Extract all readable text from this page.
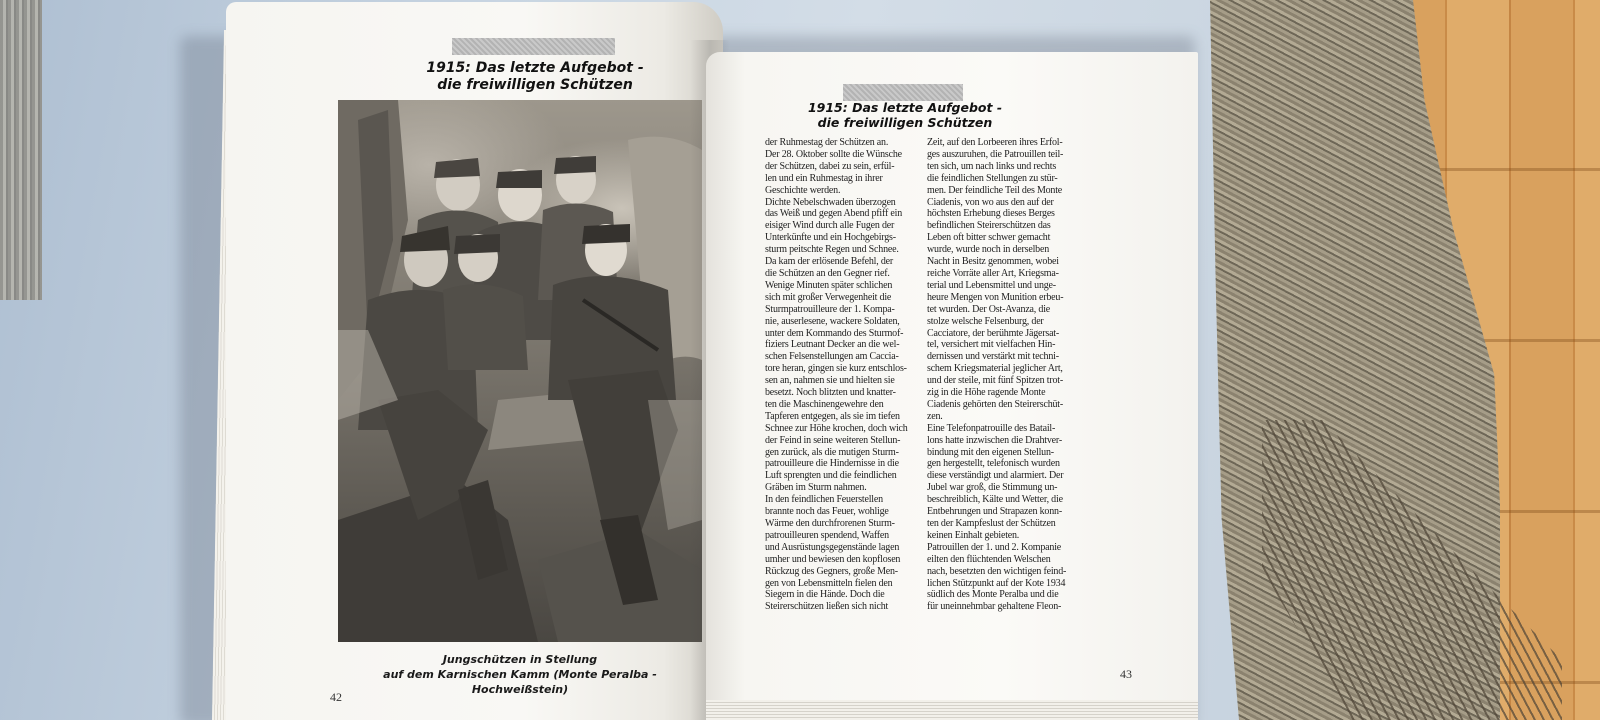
1915: Das letzte Aufgebot -
die freiwilligen Schützen
Jungschützen in Stellung
auf dem Karnischen Kamm (Monte Peralba - Hochweißstein)
42
1915: Das letzte Aufgebot -
die freiwilligen Schützen

der Ruhmestag der Schützen an.

Der 28. Oktober sollte die Wünsche

der Schützen, dabei zu sein, erfül-

len und ein Ruhmestag in ihrer

Geschichte werden.

Dichte Nebelschwaden überzogen

das Weiß und gegen Abend pfiff ein

eisiger Wind durch alle Fugen der

Unterkünfte und ein Hochgebirgs-

sturm peitschte Regen und Schnee.

Da kam der erlösende Befehl, der

die Schützen an den Gegner rief.

Wenige Minuten später schlichen

sich mit großer Verwegenheit die

Sturmpatrouilleure der 1. Kompa-

nie, auserlesene, wackere Soldaten,

unter dem Kommando des Sturmof-

fiziers Leutnant Decker an die wel-

schen Felsenstellungen am Caccia-

tore heran, gingen sie kurz entschlos-

sen an, nahmen sie und hielten sie

besetzt. Noch blitzten und knatter-

ten die Maschinengewehre den

Tapferen entgegen, als sie im tiefen

Schnee zur Höhe krochen, doch wich

der Feind in seine weiteren Stellun-

gen zurück, als die mutigen Sturm-

patrouilleure die Hindernisse in die

Luft sprengten und die feindlichen

Gräben im Sturm nahmen.

In den feindlichen Feuerstellen

brannte noch das Feuer, wohlige

Wärme den durchfrorenen Sturm-

patrouilleuren spendend, Waffen

und Ausrüstungsgegenstände lagen

umher und bewiesen den kopflosen

Rückzug des Gegners, große Men-

gen von Lebensmitteln fielen den

Siegern in die Hände. Doch die

Steirerschützen ließen sich nicht

Zeit, auf den Lorbeeren ihres Erfol-

ges auszuruhen, die Patrouillen teil-

ten sich, um nach links und rechts

die feindlichen Stellungen zu stür-

men. Der feindliche Teil des Monte

Ciadenis, von wo aus den auf der

höchsten Erhebung dieses Berges

befindlichen Steirerschützen das

Leben oft bitter schwer gemacht

wurde, wurde noch in derselben

Nacht in Besitz genommen, wobei

reiche Vorräte aller Art, Kriegsma-

terial und Lebensmittel und unge-

heure Mengen von Munition erbeu-

tet wurden. Der Ost-Avanza, die

stolze welsche Felsenburg, der

Cacciatore, der berühmte Jägersat-

tel, versichert mit vielfachen Hin-

dernissen und verstärkt mit techni-

schem Kriegsmaterial jeglicher Art,

und der steile, mit fünf Spitzen trot-

zig in die Höhe ragende Monte

Ciadenis gehörten den Steirerschüt-

zen.

Eine Telefonpatrouille des Batail-

lons hatte inzwischen die Drahtver-

bindung mit den eigenen Stellun-

gen hergestellt, telefonisch wurden

diese verständigt und alarmiert. Der

Jubel war groß, die Stimmung un-

beschreiblich, Kälte und Wetter, die

Entbehrungen und Strapazen konn-

ten der Kampfeslust der Schützen

keinen Einhalt gebieten.

Patrouillen der 1. und 2. Kompanie

eilten den flüchtenden Welschen

nach, besetzten den wichtigen feind-

lichen Stützpunkt auf der Kote 1934

südlich des Monte Peralba und die

für uneinnehmbar gehaltene Fleon-

43
